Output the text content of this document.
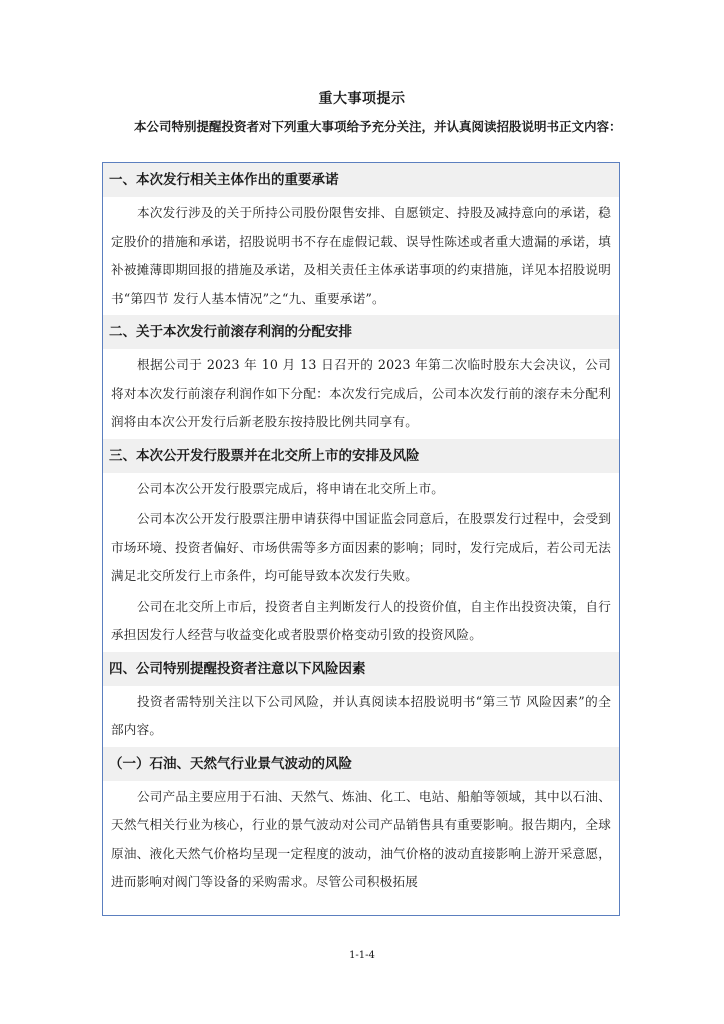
重大事项提示
本公司特别提醒投资者对下列重大事项给予充分关注，并认真阅读招股说明书正文内容：
一、本次发行相关主体作出的重要承诺
本次发行涉及的关于所持公司股份限售安排、自愿锁定、持股及减持意向的承诺，稳定股价的措施和承诺，招股说明书不存在虚假记载、误导性陈述或者重大遗漏的承诺，填补被摊薄即期回报的措施及承诺，及相关责任主体承诺事项的约束措施，详见本招股说明书“第四节 发行人基本情况”之“九、重要承诺”。
二、关于本次发行前滚存利润的分配安排
根据公司于 2023 年 10 月 13 日召开的 2023 年第二次临时股东大会决议，公司将对本次发行前滚存利润作如下分配：本次发行完成后，公司本次发行前的滚存未分配利润将由本次公开发行后新老股东按持股比例共同享有。
三、本次公开发行股票并在北交所上市的安排及风险
公司本次公开发行股票完成后，将申请在北交所上市。
公司本次公开发行股票注册申请获得中国证监会同意后，在股票发行过程中，会受到市场环境、投资者偏好、市场供需等多方面因素的影响；同时，发行完成后，若公司无法满足北交所发行上市条件，均可能导致本次发行失败。
公司在北交所上市后，投资者自主判断发行人的投资价值，自主作出投资决策，自行承担因发行人经营与收益变化或者股票价格变动引致的投资风险。
四、公司特别提醒投资者注意以下风险因素
投资者需特别关注以下公司风险，并认真阅读本招股说明书“第三节 风险因素”的全部内容。
（一）石油、天然气行业景气波动的风险
公司产品主要应用于石油、天然气、炼油、化工、电站、船舶等领域，其中以石油、天然气相关行业为核心，行业的景气波动对公司产品销售具有重要影响。报告期内，全球原油、液化天然气价格均呈现一定程度的波动，油气价格的波动直接影响上游开采意愿，进而影响对阀门等设备的采购需求。尽管公司积极拓展
1-1-4
